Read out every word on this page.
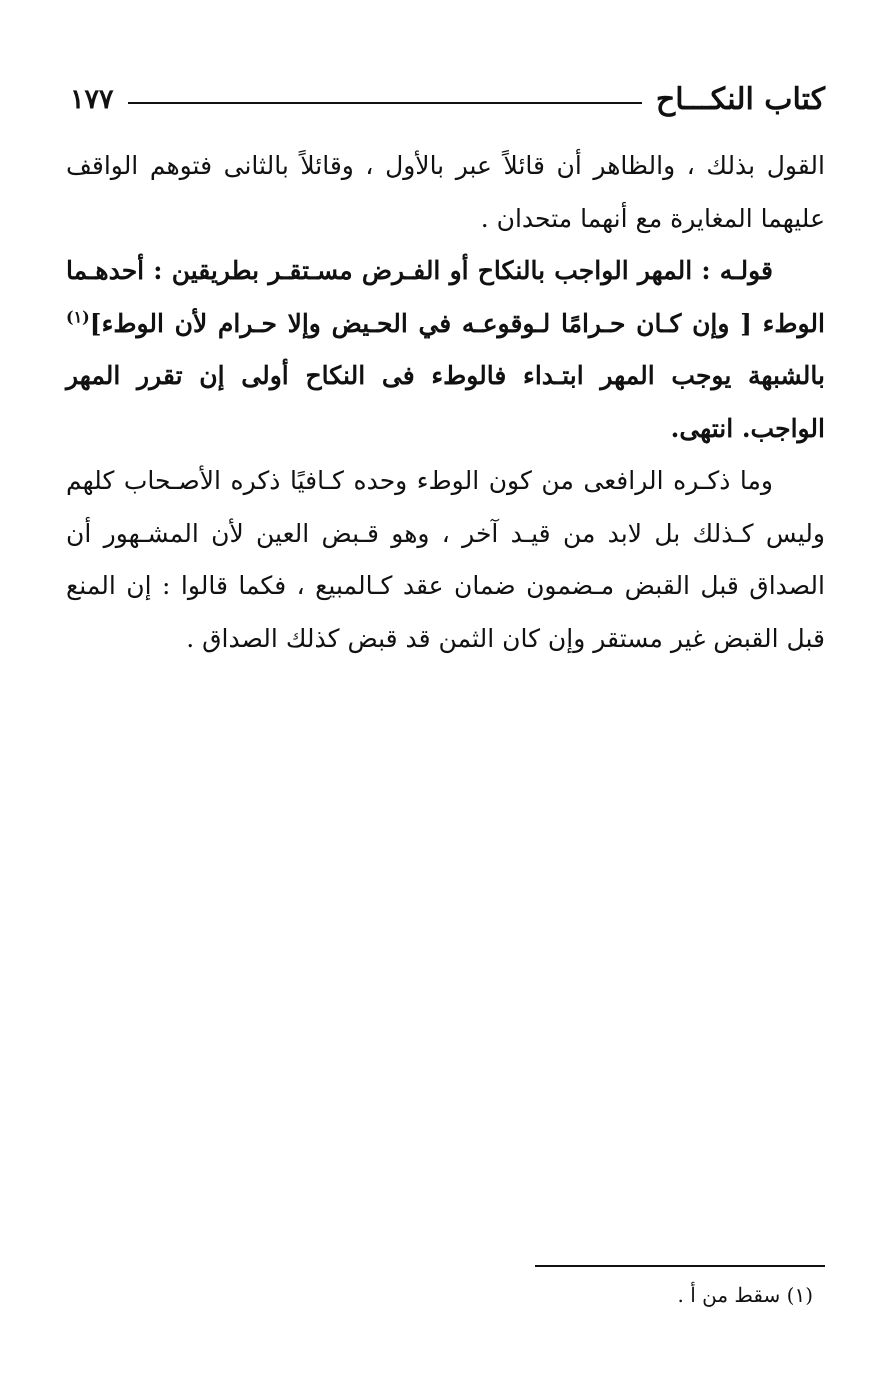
كتاب النكـــاح
١٧٧

القول بذلك ، والظاهر أن قائلاً عبر بالأول ، وقائلاً بالثانى فتوهم الواقف عليهما المغايرة مع أنهما متحدان .

قولـه : المهر الواجب بالنكاح أو الفـرض مسـتقـر بطريقين : أحدهـما الوطء [ وإن كـان حـرامًا لـوقوعـه في الحـيض وإلا حـرام لأن الوطء]$^{(١)}$ بالشبهة يوجب المهر ابتـداء فالوطء فى النكاح أولى إن تقرر المهر الواجب. انتهى.

وما ذكـره الرافعى من كون الوطء وحده كـافيًا ذكره الأصـحاب كلهم وليس كـذلك بل لابد من قيـد آخر ، وهو قـبض العين لأن المشـهور أن الصداق قبل القبض مـضمون ضمان عقد كـالمبيع ، فكما قالوا : إن المنع قبل القبض غير مستقر وإن كان الثمن قد قبض كذلك الصداق .

(١) سقط من أ .
